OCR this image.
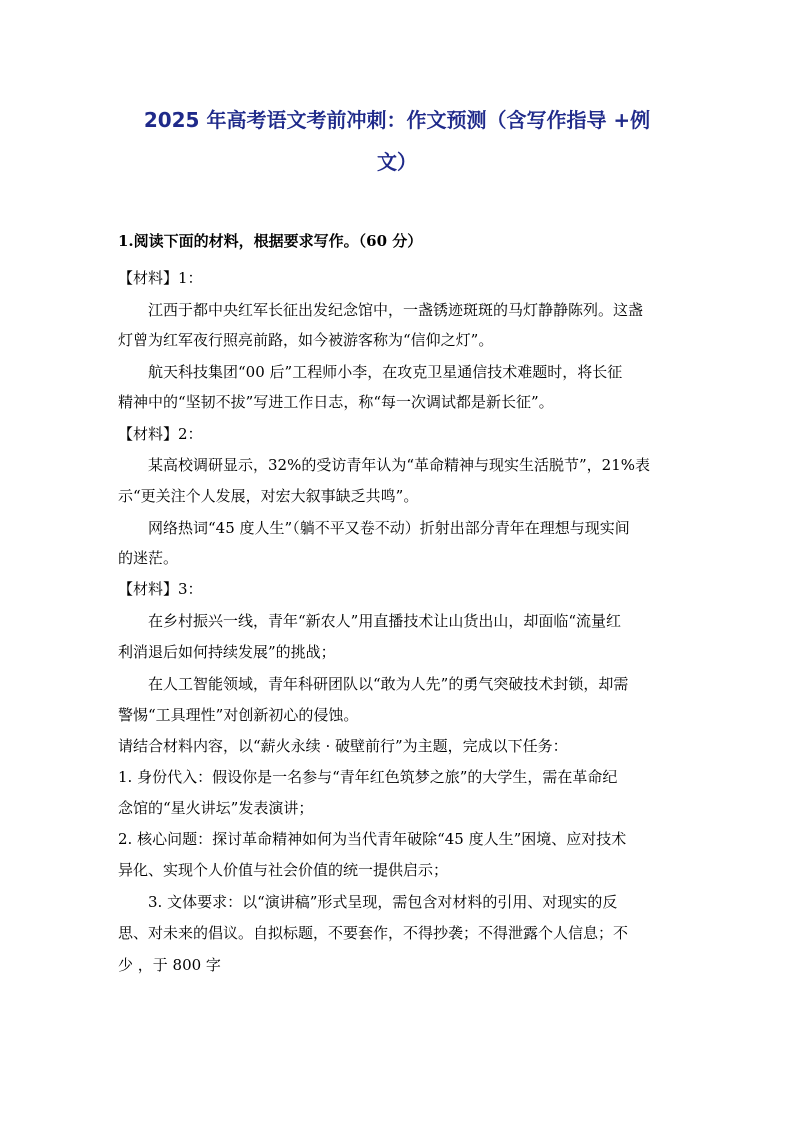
2025 年高考语文考前冲刺：作文预测（含写作指导 +例
文）
1.阅读下面的材料，根据要求写作。（60 分）
【材料】1：
江西于都中央红军长征出发纪念馆中，一盏锈迹斑斑的马灯静静陈列。这盏
灯曾为红军夜行照亮前路，如今被游客称为“信仰之灯”。
航天科技集团“00 后”工程师小李，在攻克卫星通信技术难题时，将长征
精神中的“坚韧不拔”写进工作日志，称“每一次调试都是新长征”。
【材料】2：
某高校调研显示，32%的受访青年认为“革命精神与现实生活脱节”，21%表
示“更关注个人发展，对宏大叙事缺乏共鸣”。
网络热词“45 度人生”（躺不平又卷不动）折射出部分青年在理想与现实间
的迷茫。
【材料】3：
在乡村振兴一线，青年“新农人”用直播技术让山货出山，却面临“流量红
利消退后如何持续发展”的挑战；
在人工智能领域，青年科研团队以“敢为人先”的勇气突破技术封锁，却需
警惕“工具理性”对创新初心的侵蚀。
请结合材料内容，以“薪火永续 · 破壁前行”为主题，完成以下任务：
1. 身份代入：假设你是一名参与“青年红色筑梦之旅”的大学生，需在革命纪
念馆的“星火讲坛”发表演讲；
2. 核心问题：探讨革命精神如何为当代青年破除“45 度人生”困境、应对技术
异化、实现个人价值与社会价值的统一提供启示；
3. 文体要求：以“演讲稿”形式呈现，需包含对材料的引用、对现实的反
思、对未来的倡议。自拟标题，不要套作，不得抄袭；不得泄露个人信息；不
少 ，于 800 字
